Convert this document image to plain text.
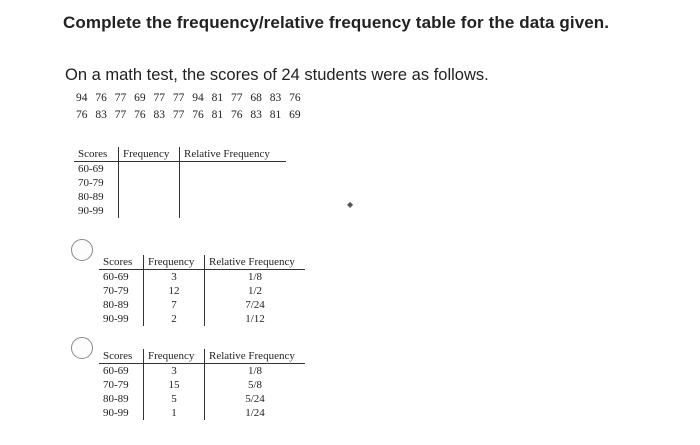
Complete the frequency/relative frequency table for the data given.
On a math test, the scores of 24 students were as follows.
94 76 77 69 77 77 94 81 77 68 83 76
76 83 77 76 83 77 76 81 76 83 81 69
Scores	Frequency	Relative Frequency
60-69		
70-79		
80-89		
90-99		
Scores	Frequency	Relative Frequency
60-69	3	1/8
70-79	12	1/2
80-89	7	7/24
90-99	2	1/12
Scores	Frequency	Relative Frequency
60-69	3	1/8
70-79	15	5/8
80-89	5	5/24
90-99	1	1/24
◆
